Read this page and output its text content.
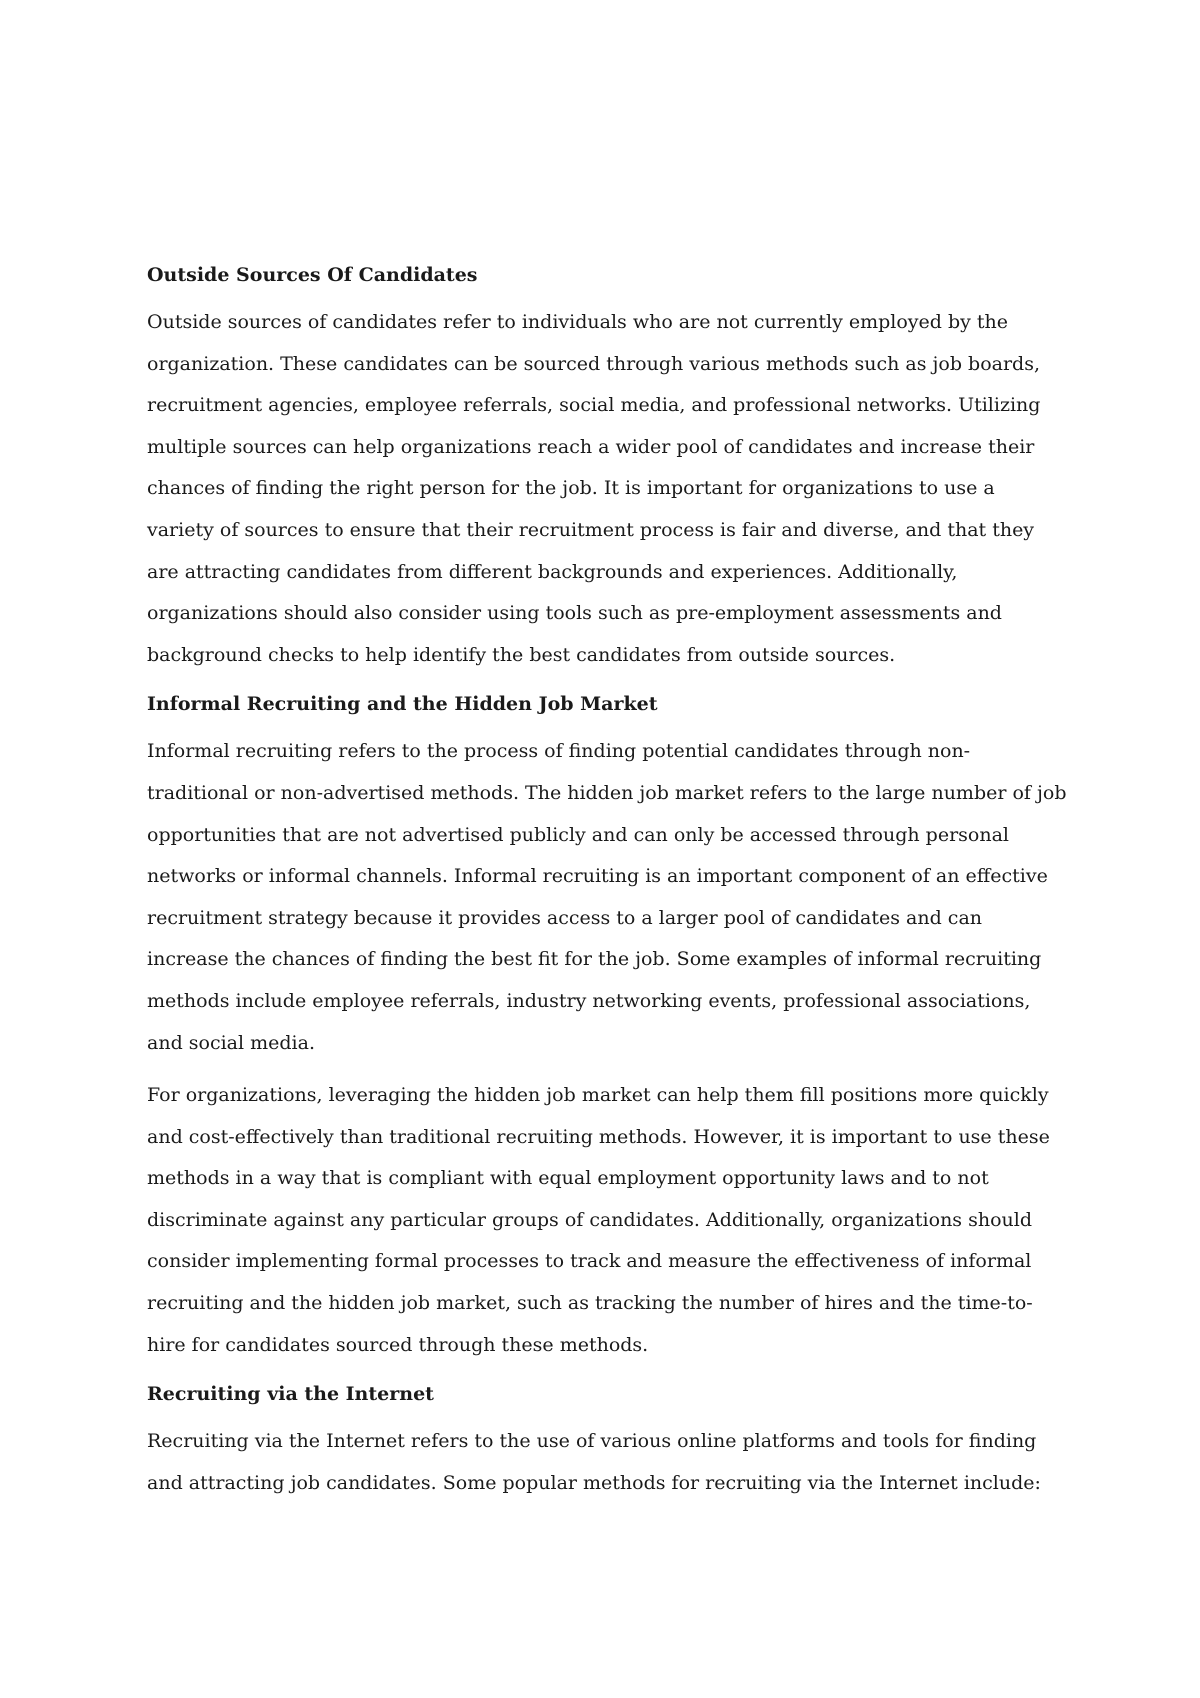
Outside Sources Of Candidates

Outside sources of candidates refer to individuals who are not currently employed by the organization. These candidates can be sourced through various methods such as job boards, recruitment agencies, employee referrals, social media, and professional networks. Utilizing multiple sources can help organizations reach a wider pool of candidates and increase their chances of finding the right person for the job. It is important for organizations to use a variety of sources to ensure that their recruitment process is fair and diverse, and that they are attracting candidates from different backgrounds and experiences. Additionally, organizations should also consider using tools such as pre-employment assessments and background checks to help identify the best candidates from outside sources.

Informal Recruiting and the Hidden Job Market

Informal recruiting refers to the process of finding potential candidates through non-traditional or non-advertised methods. The hidden job market refers to the large number of job opportunities that are not advertised publicly and can only be accessed through personal networks or informal channels. Informal recruiting is an important component of an effective recruitment strategy because it provides access to a larger pool of candidates and can increase the chances of finding the best fit for the job. Some examples of informal recruiting methods include employee referrals, industry networking events, professional associations, and social media.

For organizations, leveraging the hidden job market can help them fill positions more quickly and cost-effectively than traditional recruiting methods. However, it is important to use these methods in a way that is compliant with equal employment opportunity laws and to not discriminate against any particular groups of candidates. Additionally, organizations should consider implementing formal processes to track and measure the effectiveness of informal recruiting and the hidden job market, such as tracking the number of hires and the time-to-hire for candidates sourced through these methods.

Recruiting via the Internet

Recruiting via the Internet refers to the use of various online platforms and tools for finding and attracting job candidates. Some popular methods for recruiting via the Internet include:
